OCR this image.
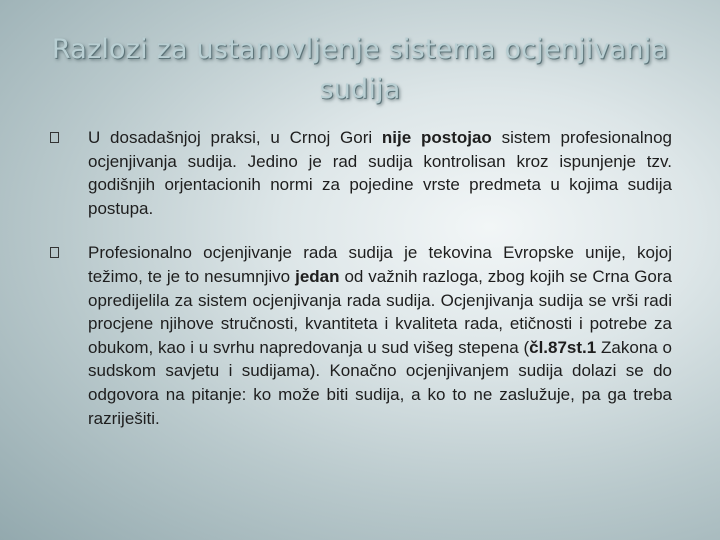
Razlozi za ustanovljenje sistema ocjenjivanja sudija

U dosadašnjoj praksi, u Crnoj Gori nije postojao sistem profesionalnog ocjenjivanja sudija. Jedino je rad sudija kontrolisan kroz ispunjenje tzv. godišnjih orjentacionih normi za pojedine vrste predmeta u kojima sudija postupa.

Profesionalno ocjenjivanje rada sudija je tekovina Evropske unije, kojoj težimo, te je to nesumnjivo jedan od važnih razloga, zbog kojih se Crna Gora opredijelila za sistem ocjenjivanja rada sudija. Ocjenjivanja sudija se vrši radi procjene njihove stručnosti, kvantiteta i kvaliteta rada, etičnosti i potrebe za obukom, kao i u svrhu napredovanja u sud višeg stepena (čl.87st.1 Zakona o sudskom savjetu i sudijama). Konačno ocjenjivanjem sudija dolazi se do odgovora na pitanje: ko može biti sudija, a ko to ne zaslužuje, pa ga treba razriješiti.
